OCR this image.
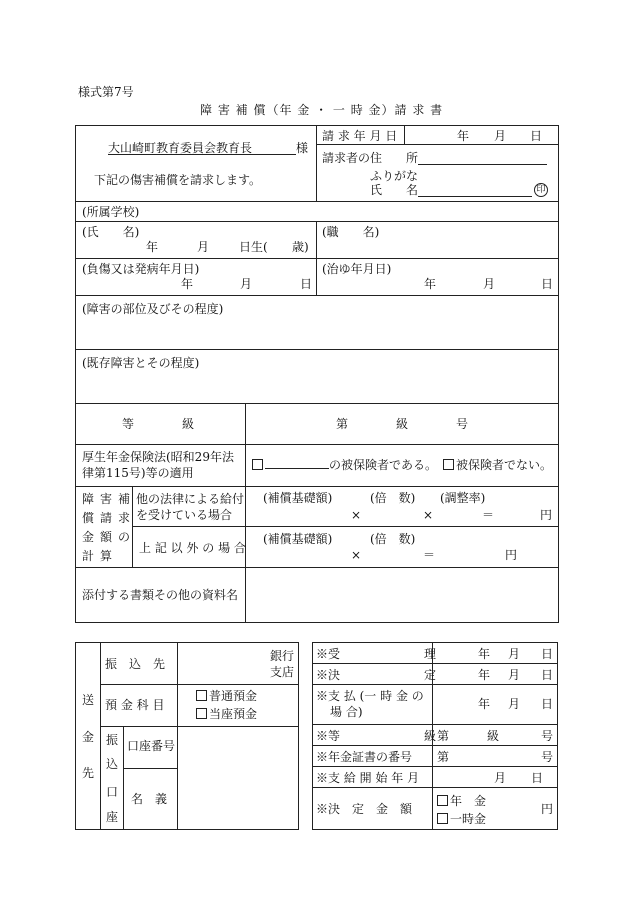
様式第7号
障 害 補 償（年 金 ・ 一 時 金）請 求 書
大山崎町教育委員会教育長	様
下記の傷害補償を請求します。
請 求 年 月 日	年 月 日
請求者の住　　所
ふりがな
氏　　名	印
(所属学校)
(氏　　名)
年	月 日生( 歳)
(職　　名)
(負傷又は発病年月日)
年	月	日
(治ゆ年月日)
年	月	日
(障害の部位及びその程度)
(既存障害とその程度)
等　　　　級	第　　　　級　　　　号
厚生年金保険法(昭和29年法
律第115号)等の適用
の被保険者である。	被保険者でない。
障害補
償請求
金額の
計算
他の法律による給付
を受けている場合
(補償基礎額)	(倍　数) (調整率)
×	×	＝	円
上 記 以 外 の 場 合
(補償基礎額)	(倍　数)
×	＝	円
添付する書類その他の資料名
送
金
先
振　込　先
銀行
支店
預 金 科 目
普通預金
当座預金
振
込
口
座
口座番号
名　義
※受　　　　　　　理	年 月 日
※決　　　　　　　定	年 月 日
※支 払 (一 時 金 の
場 合)
年 月 日
※等　　　　　　　級 第	級	号
※年金証書の番号 第	号
※支 給 開 始 年 月	月 日
※決　定　金　額
年　金
一時金
円
